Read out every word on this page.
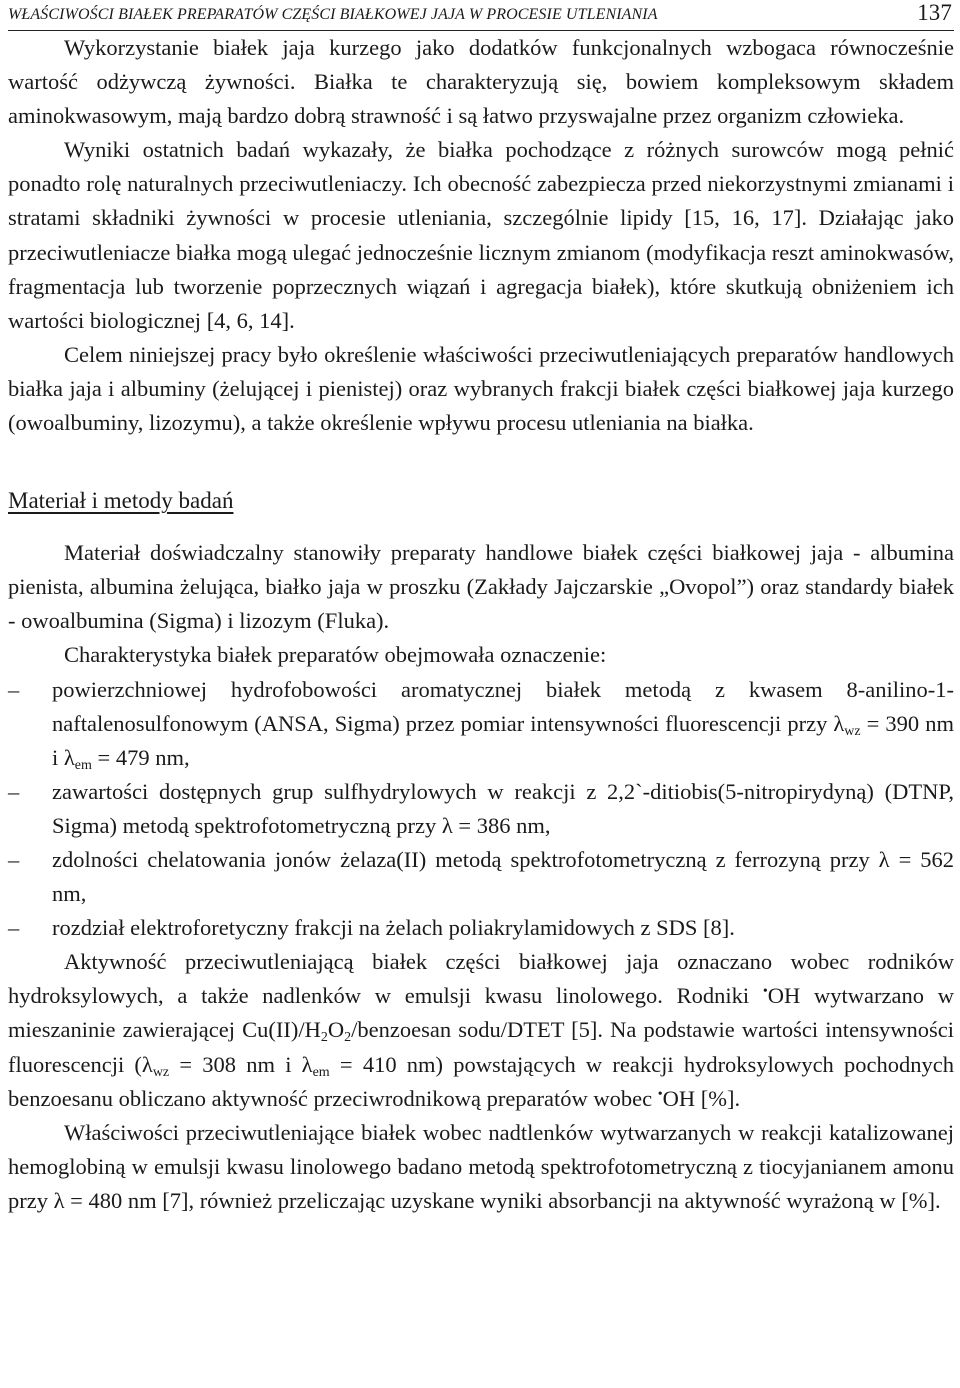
WŁAŚCIWOŚCI BIAŁEK PREPARATÓW CZĘŚCI BIAŁKOWEJ JAJA W PROCESIE UTLENIANIA	137

Wykorzystanie białek jaja kurzego jako dodatków funkcjonalnych wzbogaca równocześnie wartość odżywczą żywności. Białka te charakteryzują się, bowiem kompleksowym składem aminokwasowym, mają bardzo dobrą strawność i są łatwo przyswajalne przez organizm człowieka.

Wyniki ostatnich badań wykazały, że białka pochodzące z różnych surowców mogą pełnić ponadto rolę naturalnych przeciwutleniaczy. Ich obecność zabezpiecza przed niekorzystnymi zmianami i stratami składniki żywności w procesie utleniania, szczególnie lipidy [15, 16, 17]. Działając jako przeciwutleniacze białka mogą ulegać jednocześnie licznym zmianom (modyfikacja reszt aminokwasów, fragmentacja lub tworzenie poprzecznych wiązań i agregacja białek), które skutkują obniżeniem ich wartości biologicznej [4, 6, 14].

Celem niniejszej pracy było określenie właściwości przeciwutleniających preparatów handlowych białka jaja i albuminy (żelującej i pienistej) oraz wybranych frakcji białek części białkowej jaja kurzego (owoalbuminy, lizozymu), a także określenie wpływu procesu utleniania na białka.

Materiał i metody badań

Materiał doświadczalny stanowiły preparaty handlowe białek części białkowej jaja - albumina pienista, albumina żelująca, białko jaja w proszku (Zakłady Jajczarskie „Ovopol”) oraz standardy białek - owoalbumina (Sigma) i lizozym (Fluka).

Charakterystyka białek preparatów obejmowała oznaczenie:

– powierzchniowej hydrofobowości aromatycznej białek metodą z kwasem 8-anilino-1-naftalenosulfonowym (ANSA, Sigma) przez pomiar intensywności fluorescencji przy $\lambda_{wz} = 390$ nm i $\lambda_{em} = 479$ nm,
– zawartości dostępnych grup sulfhydrylowych w reakcji z 2,2`-ditiobis(5-nitropirydyną) (DTNP, Sigma) metodą spektrofotometryczną przy λ = 386 nm,
– zdolności chelatowania jonów żelaza(II) metodą spektrofotometryczną z ferrozyną przy λ = 562 nm,
– rozdział elektroforetyczny frakcji na żelach poliakrylamidowych z SDS [8].

Aktywność przeciwutleniającą białek części białkowej jaja oznaczano wobec rodników hydroksylowych, a także nadlenków w emulsji kwasu linolowego. Rodniki •OH wytwarzano w mieszaninie zawierającej $Cu(II)/H_2O_2$/benzoesan sodu/DTET [5]. Na podstawie wartości intensywności fluorescencji ($\lambda_{wz} = 308$ nm i $\lambda_{em} = 410$ nm) powstających w reakcji hydroksylowych pochodnych benzoesanu obliczano aktywność przeciwrodnikową preparatów wobec •OH [%].

Właściwości przeciwutleniające białek wobec nadtlenków wytwarzanych w reakcji katalizowanej hemoglobiną w emulsji kwasu linolowego badano metodą spektrofotometryczną z tiocyjanianem amonu przy λ = 480 nm [7], również przeliczając uzyskane wyniki absorbancji na aktywność wyrażoną w [%].
